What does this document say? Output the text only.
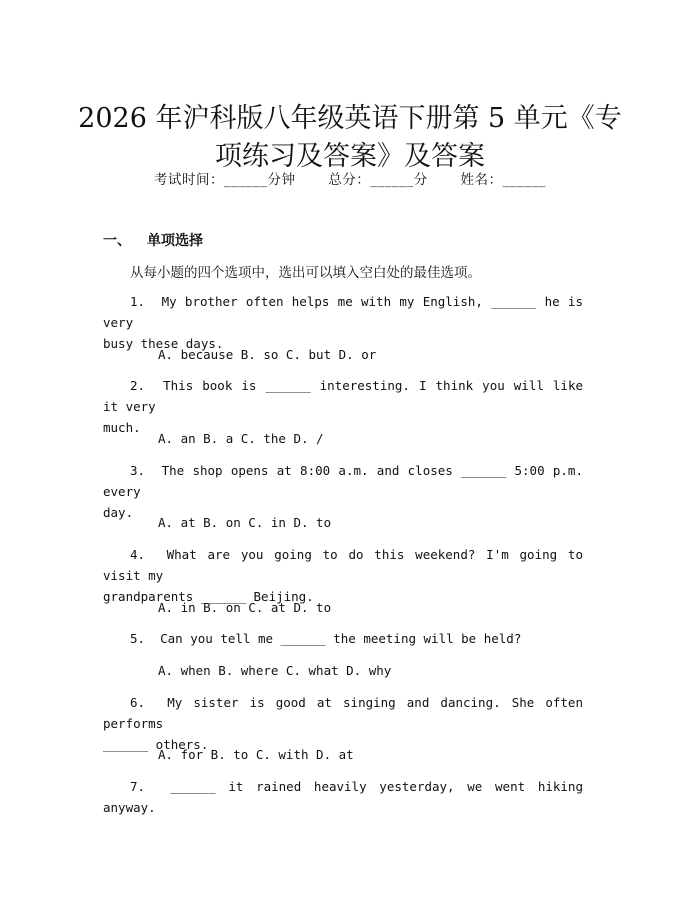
2026 年沪科版八年级英语下册第 5 单元《专
项练习及答案》及答案
考试时间：______分钟 总分：______分 姓名：______
一、 单项选择
从每小题的四个选项中，选出可以填入空白处的最佳选项。
1. My brother often helps me with my English, ______ he is very
busy these days.
A. because B. so C. but D. or
2. This book is ______ interesting. I think you will like it very
much.
A. an B. a C. the D. /
3. The shop opens at 8:00 a.m. and closes ______ 5:00 p.m. every
day.
A. at B. on C. in D. to
4. What are you going to do this weekend? I'm going to visit my
grandparents ______ Beijing.
A. in B. on C. at D. to
5. Can you tell me ______ the meeting will be held?
A. when B. where C. what D. why
6. My sister is good at singing and dancing. She often performs
______ others.
A. for B. to C. with D. at
7. ______ it rained heavily yesterday, we went hiking anyway.
